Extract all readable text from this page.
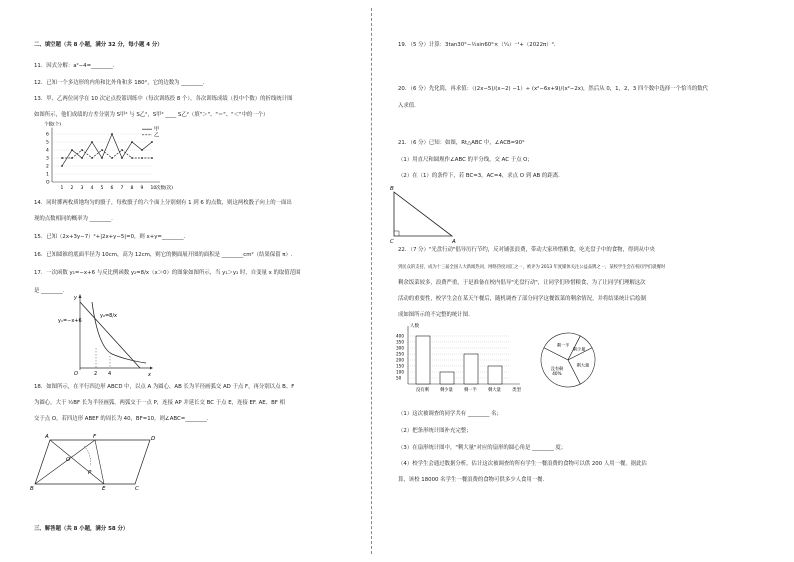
二、填空题（共 8 小题，满分 32 分，每小题 4 分）
11．因式分解：a²−4=________.
12．已知一个多边形的内角和比外角和多 180°，它的边数为 ________.
13．甲、乙两位同学在 10 次定点投篮训练中（每次训练投 8 个），各次训练成绩（投中个数）的折线统计图
如图所示，他们成绩的方差分别为 S甲² 与 S乙²，S甲² ____ S乙²（填"＞"、"＝"、"＜"中的一个）
个数(个)
次数(次)
6
5
4
3
2
1
O
1 2 3 4 5 6 7 8 9 10
甲
乙
14．同时掷两枚质地均匀的骰子，每枚骰子的六个面上分别刻有 1 到 6 的点数，则这两枚骰子向上的一面出
现的点数相同的概率为 ________.
15．已知（2x+3y−7）²+|2x+y−5|=0，则 x+y=________.
16．已知圆锥的底面半径为 10cm，高为 12cm，则它的侧面展开图的面积是 ________cm²（结果保留 π）.
17．一次函数 y₁=−x+6 与反比例函数 y₂=8/x（x＞0）的图象如图所示，当 y₁＞y₂ 时，自变量 x 的取值范围
是 ________.
y₁=−x+6
y₂=8/x
y
x
O	2 4
18．如图所示，在平行四边形 ABCD 中，以点 A 为圆心，AB 长为半径画弧交 AD 于点 F，再分别以点 B、F
为圆心，大于 ½BF 长为半径画弧，两弧交于一点 P，连接 AP 并延长交 BC 于点 E，连接 EF. AE、BF 相
交于点 O，若四边形 ABEF 的周长为 40，BF=10，则∠ABC=________.
A	F	D
B	E	C
O
P
三、解答题（共 8 小题，满分 58 分）
19．（5 分）计算：3tan30°−½sin60°×（¼）⁻¹+（2022π）⁰.
20．（6 分）先化简，再求值：（(2x−5)/(x−2) −1）÷ (x²−6x+9)/(x²−2x)，然后从 0，1，2，3 四个数中选择一个恰当的数代
入求值.
21．（6 分）已知：如图，Rt△ABC 中，∠ACB=90°
（1）用直尺和圆规作∠ABC 的平分线，交 AC 于点 O；
（2）在（1）的条件下，若 BC=3，AC=4，求点 O 到 AB 的距离.
B
C	A
22．（7 分）"光盘行动"倡导厉行节约，反对铺张浪费，带动大家珍惜粮食，吃光盘子中的食物，得到从中央
到民众的支持，成为十三届全国人大新闻热词、网络热度词汇之一，被评为 2013 年度媒体关注公益品牌之一，某校学生会在校同学们就餐时
剩余饭菜较多，浪费严重，于是准备在校内倡导"光盘行动"，让同学们珍惜粮食，为了让同学们理解这次
活动的重要性，校学生会在某天午餐后，随机调查了部分同学这餐饭菜的剩余情况，并将结果统计后绘制
成如图所示的不完整的统计图.
人数
类型
400
350
300
250
200
150
100
50
没有剩	剩少量	剩一半	剩大量
剩一半
剩少量
剩大量
没有剩
40%
（1）这次被调查的同学共有 ________ 名；
（2）把条形统计图补充完整；
（3）在扇形统计图中，"剩大量"对应的扇形的圆心角是 ________ 度；
（4）校学生会通过数据分析，估计这次被调查的所有学生一餐浪费的食物可以供 200 人用一餐。据此估
算，该校 18000 名学生一餐浪费的食物可供多少人食用一餐.
